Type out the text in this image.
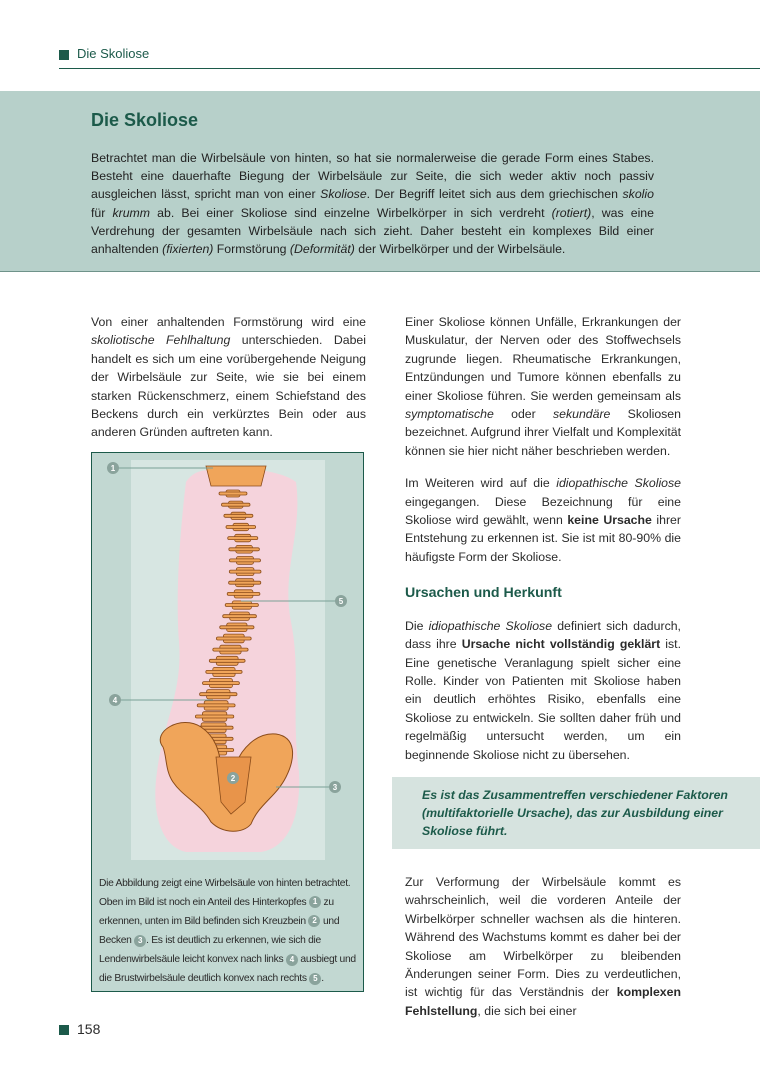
Die Skoliose
Die Skoliose
Betrachtet man die Wirbelsäule von hinten, so hat sie normalerweise die gerade Form eines Stabes. Besteht eine dauerhafte Biegung der Wirbelsäule zur Seite, die sich weder aktiv noch passiv ausgleichen lässt, spricht man von einer Skoliose. Der Begriff leitet sich aus dem griechischen skolio für krumm ab. Bei einer Skoliose sind einzelne Wirbelkörper in sich verdreht (rotiert), was eine Verdrehung der gesamten Wirbelsäule nach sich zieht. Daher besteht ein komplexes Bild einer anhaltenden (fixierten) Formstörung (Deformität) der Wirbelkörper und der Wirbelsäule.
Von einer anhaltenden Formstörung wird eine skoliotische Fehlhaltung unterschieden. Dabei handelt es sich um eine vorübergehende Neigung der Wirbelsäule zur Seite, wie sie bei einem starken Rückenschmerz, einem Schiefstand des Beckens durch ein verkürztes Bein oder aus anderen Gründen auftreten kann.

Einer Skoliose können Unfälle, Erkrankungen der Muskulatur, der Nerven oder des Stoffwechsels zugrunde liegen. Rheumatische Erkrankungen, Entzündungen und Tumore können ebenfalls zu einer Skoliose führen. Sie werden gemeinsam als symptomatische oder sekundäre Skoliosen bezeichnet. Aufgrund ihrer Vielfalt und Komplexität können sie hier nicht näher beschrieben werden.

Im Weiteren wird auf die idiopathische Skoliose eingegangen. Diese Bezeichnung für eine Skoliose wird gewählt, wenn keine Ursache ihrer Entstehung zu erkennen ist. Sie ist mit 80-90% die häufigste Form der Skoliose.

Ursachen und Herkunft

Die idiopathische Skoliose definiert sich dadurch, dass ihre Ursache nicht vollständig geklärt ist. Eine genetische Veranlagung spielt sicher eine Rolle. Kinder von Patienten mit Skoliose haben ein deutlich erhöhtes Risiko, ebenfalls eine Skoliose zu entwickeln. Sie sollten daher früh und regelmäßig untersucht werden, um ein beginnende Skoliose nicht zu übersehen.

Es ist das Zusammentreffen verschiedener Faktoren (multifaktorielle Ursache), das zur Ausbildung einer Skoliose führt.
Zur Verformung der Wirbelsäule kommt es wahrscheinlich, weil die vorderen Anteile der Wirbelkörper schneller wachsen als die hinteren. Während des Wachstums kommt es daher bei der Skoliose am Wirbelkörper zu bleibenden Änderungen seiner Form. Dies zu verdeutlichen, ist wichtig für das Verständnis der komplexen Fehlstellung, die sich bei einer
1
2
3
4
5
Die Abbildung zeigt eine Wirbelsäule von hinten betrachtet. Oben im Bild ist noch ein Anteil des Hinterkopfes 1 zu erkennen, unten im Bild befinden sich Kreuzbein 2 und Becken 3 . Es ist deutlich zu erkennen, wie sich die Lendenwirbelsäule leicht konvex nach links 4 ausbiegt und die Brustwirbelsäule deutlich konvex nach rechts 5 .
158
